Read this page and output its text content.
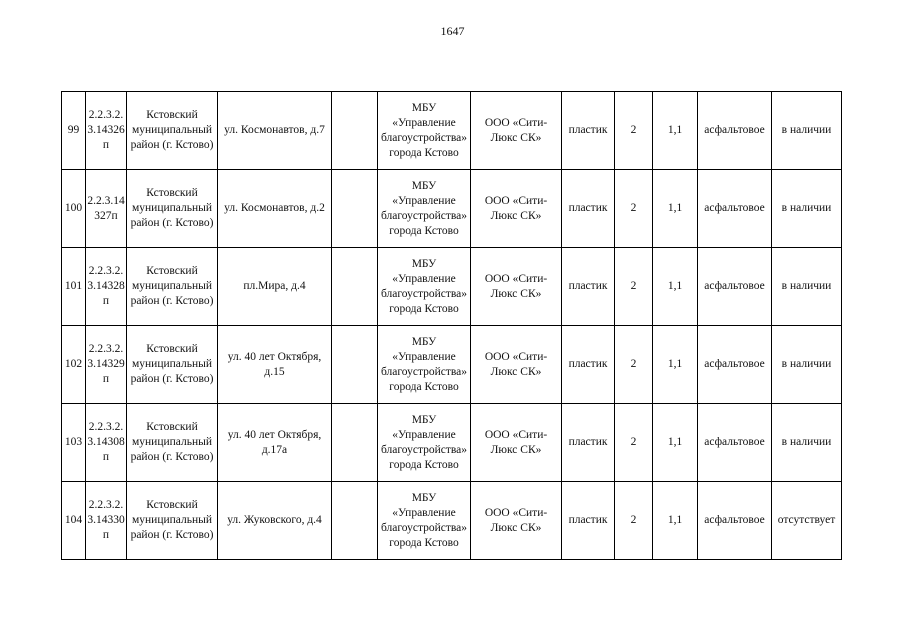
1647
99	2.2.3.2.3.14326п	Кстовский муниципальный район (г. Кстово)	ул. Космонавтов, д.7		МБУ «Управление благоустройства» города Кстово	ООО «Сити-Люкс СК»	пластик	2	1,1	асфальтовое	в наличии
100	2.2.3.14327п	Кстовский муниципальный район (г. Кстово)	ул. Космонавтов, д.2		МБУ «Управление благоустройства» города Кстово	ООО «Сити-Люкс СК»	пластик	2	1,1	асфальтовое	в наличии
101	2.2.3.2.3.14328п	Кстовский муниципальный район (г. Кстово)	пл.Мира, д.4		МБУ «Управление благоустройства» города Кстово	ООО «Сити-Люкс СК»	пластик	2	1,1	асфальтовое	в наличии
102	2.2.3.2.3.14329п	Кстовский муниципальный район (г. Кстово)	ул. 40 лет Октября, д.15		МБУ «Управление благоустройства» города Кстово	ООО «Сити-Люкс СК»	пластик	2	1,1	асфальтовое	в наличии
103	2.2.3.2.3.14308п	Кстовский муниципальный район (г. Кстово)	ул. 40 лет Октября, д.17а		МБУ «Управление благоустройства» города Кстово	ООО «Сити-Люкс СК»	пластик	2	1,1	асфальтовое	в наличии
104	2.2.3.2.3.14330п	Кстовский муниципальный район (г. Кстово)	ул. Жуковского, д.4		МБУ «Управление благоустройства» города Кстово	ООО «Сити-Люкс СК»	пластик	2	1,1	асфальтовое	отсутствует
